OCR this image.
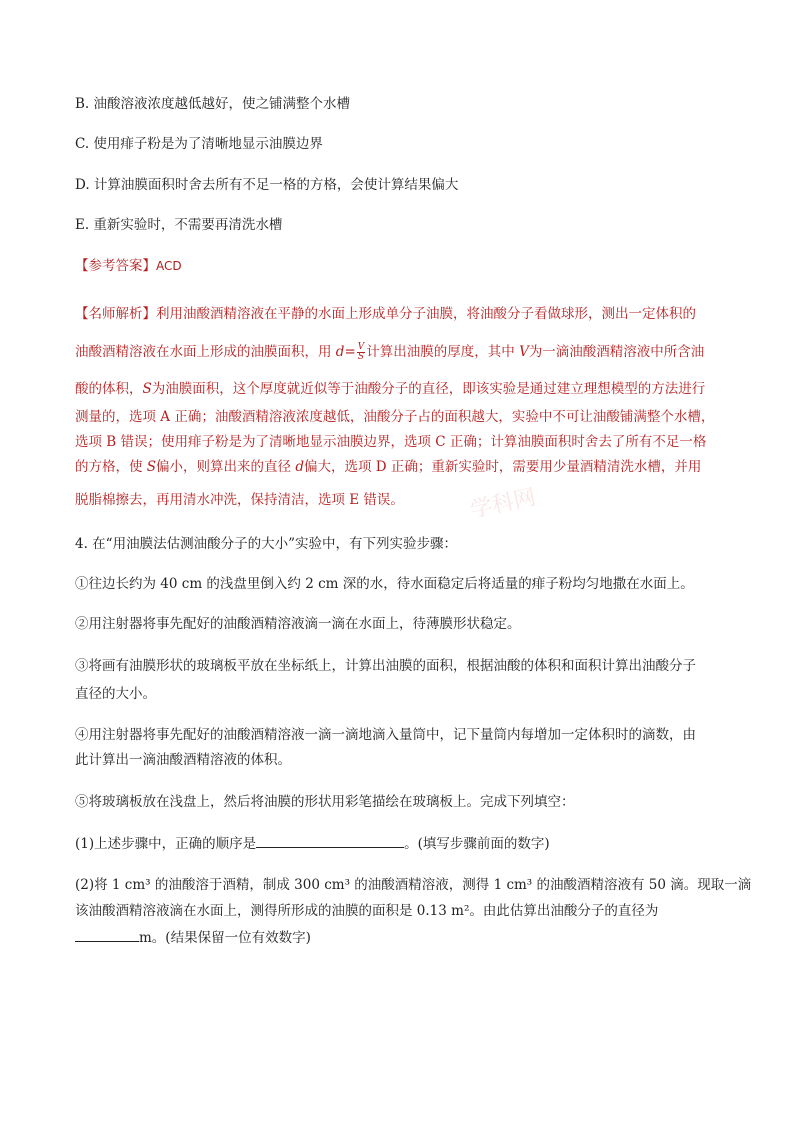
B. 油酸溶液浓度越低越好，使之铺满整个水槽
C. 使用痱子粉是为了清晰地显示油膜边界
D. 计算油膜面积时舍去所有不足一格的方格，会使计算结果偏大
E. 重新实验时，不需要再清洗水槽
【参考答案】ACD
学科网
【名师解析】利用油酸酒精溶液在平静的水面上形成单分子油膜，将油酸分子看做球形，测出一定体积的
油酸酒精溶液在水面上形成的油膜面积，用 $d= \frac{V}{S}$ 计算出油膜的厚度，其中 V为一滴油酸酒精溶液中所含油
酸的体积，S为油膜面积，这个厚度就近似等于油酸分子的直径，即该实验是通过建立理想模型的方法进行
测量的，选项 A 正确；油酸酒精溶液浓度越低，油酸分子占的面积越大，实验中不可让油酸铺满整个水槽，
选项 B 错误；使用痱子粉是为了清晰地显示油膜边界，选项 C 正确；计算油膜面积时舍去了所有不足一格
的方格，使 S偏小，则算出来的直径 d偏大，选项 D 正确；重新实验时，需要用少量酒精清洗水槽，并用
脱脂棉擦去，再用清水冲洗，保持清洁，选项 E 错误。
4. 在“用油膜法估测油酸分子的大小”实验中，有下列实验步骤：
①往边长约为 40 cm 的浅盘里倒入约 2 cm 深的水，待水面稳定后将适量的痱子粉均匀地撒在水面上。
②用注射器将事先配好的油酸酒精溶液滴一滴在水面上，待薄膜形状稳定。
③将画有油膜形状的玻璃板平放在坐标纸上，计算出油膜的面积，根据油酸的体积和面积计算出油酸分子
直径的大小。
④用注射器将事先配好的油酸酒精溶液一滴一滴地滴入量筒中，记下量筒内每增加一定体积时的滴数，由
此计算出一滴油酸酒精溶液的体积。
⑤将玻璃板放在浅盘上，然后将油膜的形状用彩笔描绘在玻璃板上。完成下列填空：
(1)上述步骤中，正确的顺序是	。(填写步骤前面的数字)
(2)将 1 cm³ 的油酸溶于酒精，制成 300 cm³ 的油酸酒精溶液，测得 1 cm³ 的油酸酒精溶液有 50 滴。现取一滴
该油酸酒精溶液滴在水面上，测得所形成的油膜的面积是 0.13 m²。由此估算出油酸分子的直径为
m。(结果保留一位有效数字)
